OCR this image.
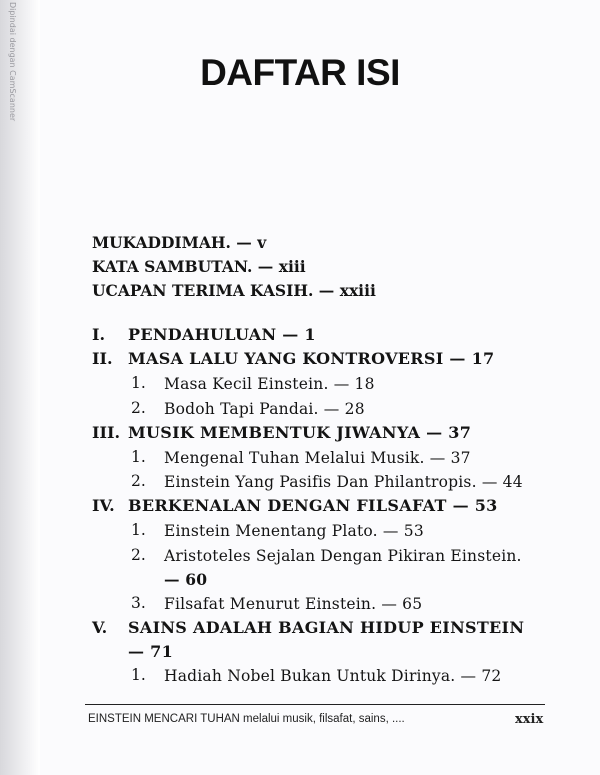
Dipindai dengan CamScanner	DAFTAR ISI
MUKADDIMAH. — v
KATA SAMBUTAN. — xiii
UCAPAN TERIMA KASIH. — xxiii
I. PENDAHULUAN — 1
II. MASA LALU YANG KONTROVERSI — 17
1. Masa Kecil Einstein. — 18
2. Bodoh Tapi Pandai. — 28
III. MUSIK MEMBENTUK JIWANYA — 37
1. Mengenal Tuhan Melalui Musik. — 37
2. Einstein Yang Pasifis Dan Philantropis. — 44
IV. BERKENALAN DENGAN FILSAFAT — 53
1. Einstein Menentang Plato. — 53
2. Aristoteles Sejalan Dengan Pikiran Einstein.
— 60
3. Filsafat Menurut Einstein. — 65
V. SAINS ADALAH BAGIAN HIDUP EINSTEIN
— 71
1. Hadiah Nobel Bukan Untuk Dirinya. — 72
EINSTEIN MENCARI TUHAN melalui musik, filsafat, sains, ....	xxix
